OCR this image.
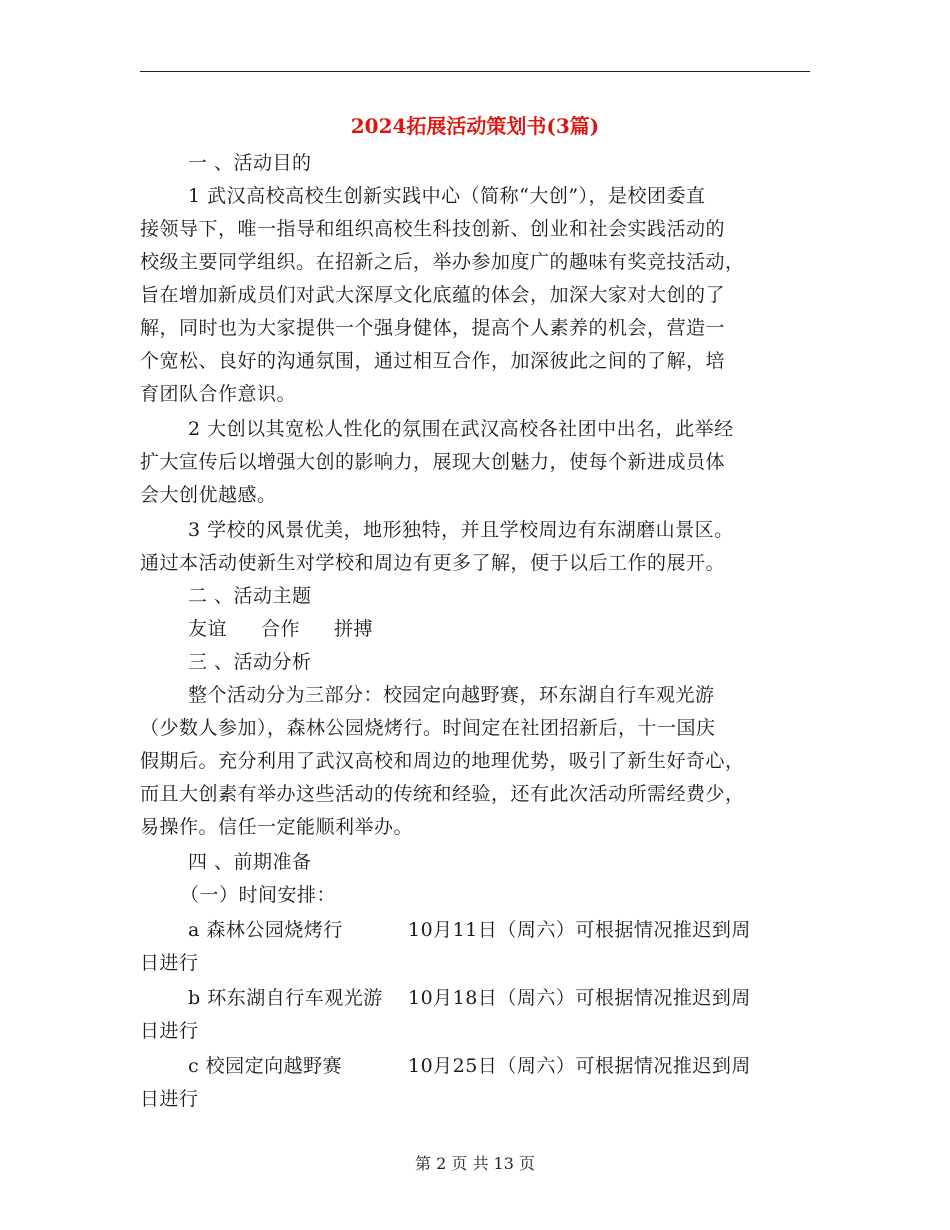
2024拓展活动策划书(3篇)
一 、活动目的
1 武汉高校高校生创新实践中心（简称“大创”），是校团委直
接领导下，唯一指导和组织高校生科技创新、创业和社会实践活动的
校级主要同学组织。在招新之后，举办参加度广的趣味有奖竞技活动，
旨在增加新成员们对武大深厚文化底蕴的体会，加深大家对大创的了
解，同时也为大家提供一个强身健体，提高个人素养的机会，营造一
个宽松、良好的沟通氛围，通过相互合作，加深彼此之间的了解，培
育团队合作意识。
2 大创以其宽松人性化的氛围在武汉高校各社团中出名，此举经
扩大宣传后以增强大创的影响力，展现大创魅力，使每个新进成员体
会大创优越感。
3 学校的风景优美，地形独特，并且学校周边有东湖磨山景区。
通过本活动使新生对学校和周边有更多了解，便于以后工作的展开。
二 、活动主题
友谊 合作 拼搏
三 、活动分析
整个活动分为三部分：校园定向越野赛，环东湖自行车观光游
（少数人参加），森林公园烧烤行。时间定在社团招新后，十一国庆
假期后。充分利用了武汉高校和周边的地理优势，吸引了新生好奇心，
而且大创素有举办这些活动的传统和经验，还有此次活动所需经费少，
易操作。信任一定能顺利举办。
四 、前期准备
（一）时间安排：
a 森林公园烧烤行	10月11日（周六）可根据情况推迟到周
日进行
b 环东湖自行车观光游 10月18日（周六）可根据情况推迟到周
日进行
c 校园定向越野赛	10月25日（周六）可根据情况推迟到周
日进行
第 2 页 共 13 页
